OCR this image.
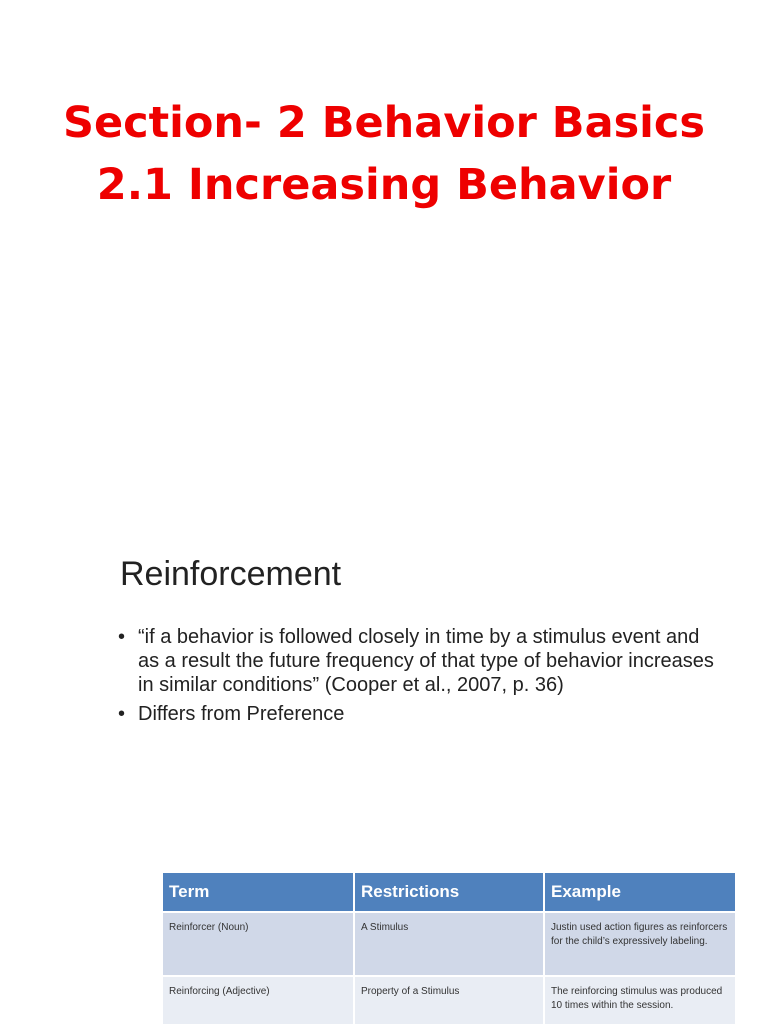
Section- 2 Behavior Basics
2.1 Increasing Behavior
Reinforcement
• “if a behavior is followed closely in time by a stimulus event and as a result the future frequency of that type of behavior increases in similar conditions” (Cooper et al., 2007, p. 36)
• Differs from Preference
Term	Restrictions	Example
Reinforcer (Noun)	A Stimulus	Justin used action figures as reinforcers for the child’s expressively labeling.
Reinforcing (Adjective)	Property of a Stimulus	The reinforcing stimulus was produced 10 times within the session.
